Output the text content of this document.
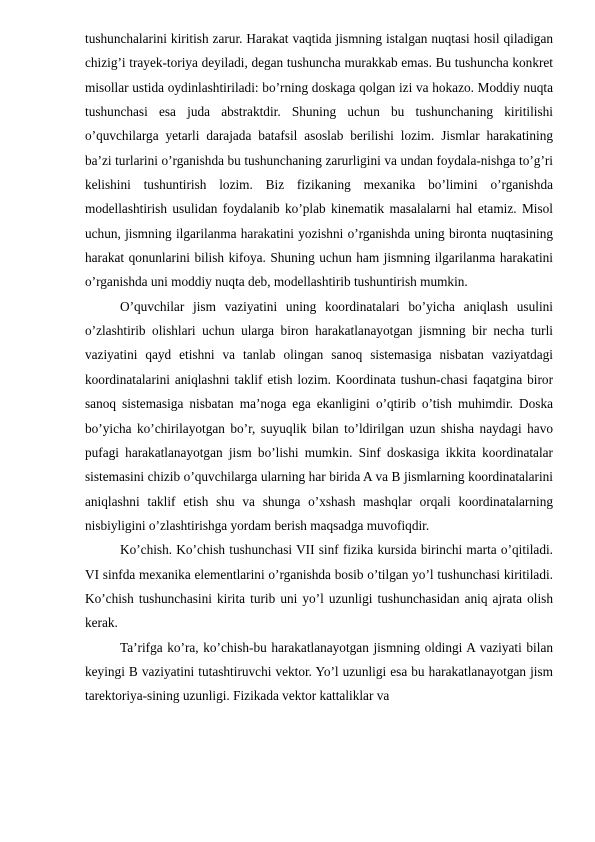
tushunchalarini kiritish zarur. Harakat vaqtida jismning istalgan nuqtasi hosil qiladigan chizig’i trayek-toriya deyiladi, degan tushuncha murakkab emas. Bu tushuncha konkret misollar ustida oydinlashtiriladi: bo’rning doskaga qolgan izi va hokazo. Moddiy nuqta tushunchasi esa juda abstraktdir. Shuning uchun bu tushunchaning kiritilishi o’quvchilarga yetarli darajada batafsil asoslab berilishi lozim. Jismlar harakatining ba’zi turlarini o’rganishda bu tushunchaning zarurligini va undan foydala-nishga to’g’ri kelishini tushuntirish lozim. Biz fizikaning mexanika bo’limini o’rganishda modellashtirish usulidan foydalanib ko’plab kinematik masalalarni hal etamiz. Misol uchun, jismning ilgarilanma harakatini yozishni o’rganishda uning bironta nuqtasining harakat qonunlarini bilish kifoya. Shuning uchun ham jismning ilgarilanma harakatini o’rganishda uni moddiy nuqta deb, modellashtirib tushuntirish mumkin.

O’quvchilar jism vaziyatini uning koordinatalari bo’yicha aniqlash usulini o’zlashtirib olishlari uchun ularga biron harakatlanayotgan jismning bir necha turli vaziyatini qayd etishni va tanlab olingan sanoq sistemasiga nisbatan vaziyatdagi koordinatalarini aniqlashni taklif etish lozim. Koordinata tushun-chasi faqatgina biror sanoq sistemasiga nisbatan ma’noga ega ekanligini o’qtirib o’tish muhimdir. Doska bo’yicha ko’chirilayotgan bo’r, suyuqlik bilan to’ldirilgan uzun shisha naydagi havo pufagi harakatlanayotgan jism bo’lishi mumkin. Sinf doskasiga ikkita koordinatalar sistemasini chizib o’quvchilarga ularning har birida A va B jismlarning koordinatalarini aniqlashni taklif etish shu va shunga o’xshash mashqlar orqali koordinatalarning nisbiyligini o’zlashtirishga yordam berish maqsadga muvofiqdir.

Ko’chish. Ko’chish tushunchasi VII sinf fizika kursida birinchi marta o’qitiladi. VI sinfda mexanika elementlarini o’rganishda bosib o’tilgan yo’l tushunchasi kiritiladi. Ko’chish tushunchasini kirita turib uni yo’l uzunligi tushunchasidan aniq ajrata olish kerak.

Ta’rifga ko’ra, ko’chish-bu harakatlanayotgan jismning oldingi A vaziyati bilan keyingi B vaziyatini tutashtiruvchi vektor. Yo’l uzunligi esa bu harakatlanayotgan jism tarektoriya-sining uzunligi. Fizikada vektor kattaliklar va
